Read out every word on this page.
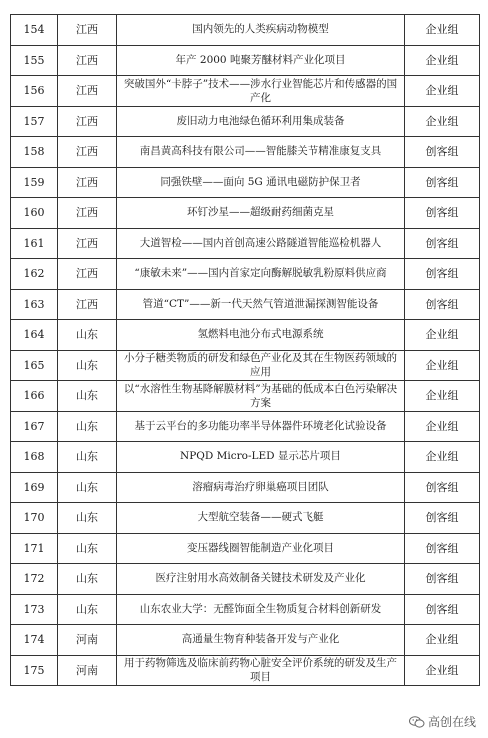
154	江西	国内领先的人类疾病动物模型	企业组
155	江西	年产 2000 吨聚芳醚材料产业化项目	企业组
156	江西	突破国外“卡脖子”技术——涉水行业智能芯片和传感器的国产化	企业组
157	江西	废旧动力电池绿色循环利用集成装备	企业组
158	江西	南昌黄高科技有限公司——智能膝关节精准康复支具	创客组
159	江西	同强铁壁——面向 5G 通讯电磁防护保卫者	创客组
160	江西	环钉沙星——超级耐药细菌克星	创客组
161	江西	大道智检——国内首创高速公路隧道智能巡检机器人	创客组
162	江西	“康敏未来”——国内首家定向酶解脱敏乳粉原料供应商	创客组
163	江西	管道“CT”——新一代天然气管道泄漏探测智能设备	创客组
164	山东	氢燃料电池分布式电源系统	企业组
165	山东	小分子糖类物质的研发和绿色产业化及其在生物医药领域的应用	企业组
166	山东	以“水溶性生物基降解膜材料”为基础的低成本白色污染解决方案	企业组
167	山东	基于云平台的多功能功率半导体器件环境老化试验设备	企业组
168	山东	NPQD Micro-LED 显示芯片项目	企业组
169	山东	溶瘤病毒治疗卵巢癌项目团队	创客组
170	山东	大型航空装备——硬式飞艇	创客组
171	山东	变压器线圈智能制造产业化项目	创客组
172	山东	医疗注射用水高效制备关键技术研发及产业化	创客组
173	山东	山东农业大学：无醛饰面全生物质复合材料创新研发	创客组
174	河南	高通量生物育种装备开发与产业化	企业组
175	河南	用于药物筛选及临床前药物心脏安全评价系统的研发及生产项目	企业组
高创在线
